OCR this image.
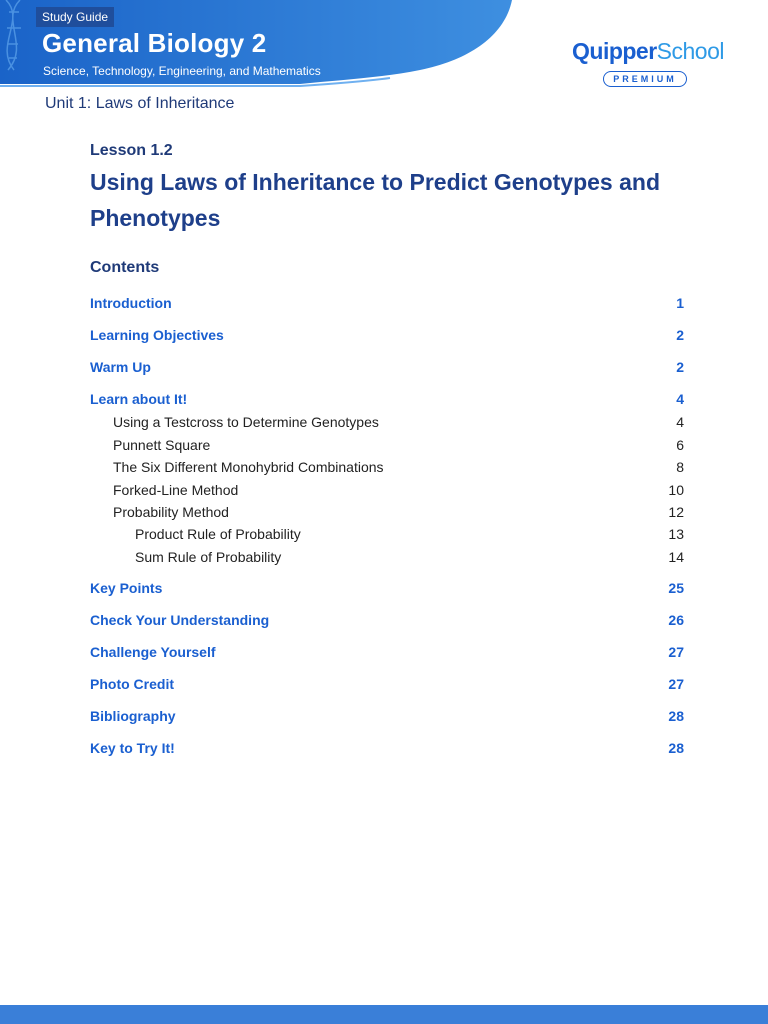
Study Guide
General Biology 2
Science, Technology, Engineering, and Mathematics
QuipperSchool
PREMIUM
Unit 1: Laws of Inheritance
Lesson 1.2
Using Laws of Inheritance to Predict Genotypes and Phenotypes
Contents
Introduction	1
Learning Objectives	2
Warm Up	2
Learn about It!	4
Using a Testcross to Determine Genotypes	4
Punnett Square	6
The Six Different Monohybrid Combinations	8
Forked-Line Method	10
Probability Method	12
Product Rule of Probability	13
Sum Rule of Probability	14
Key Points	25
Check Your Understanding	26
Challenge Yourself	27
Photo Credit	27
Bibliography	28
Key to Try It!	28
